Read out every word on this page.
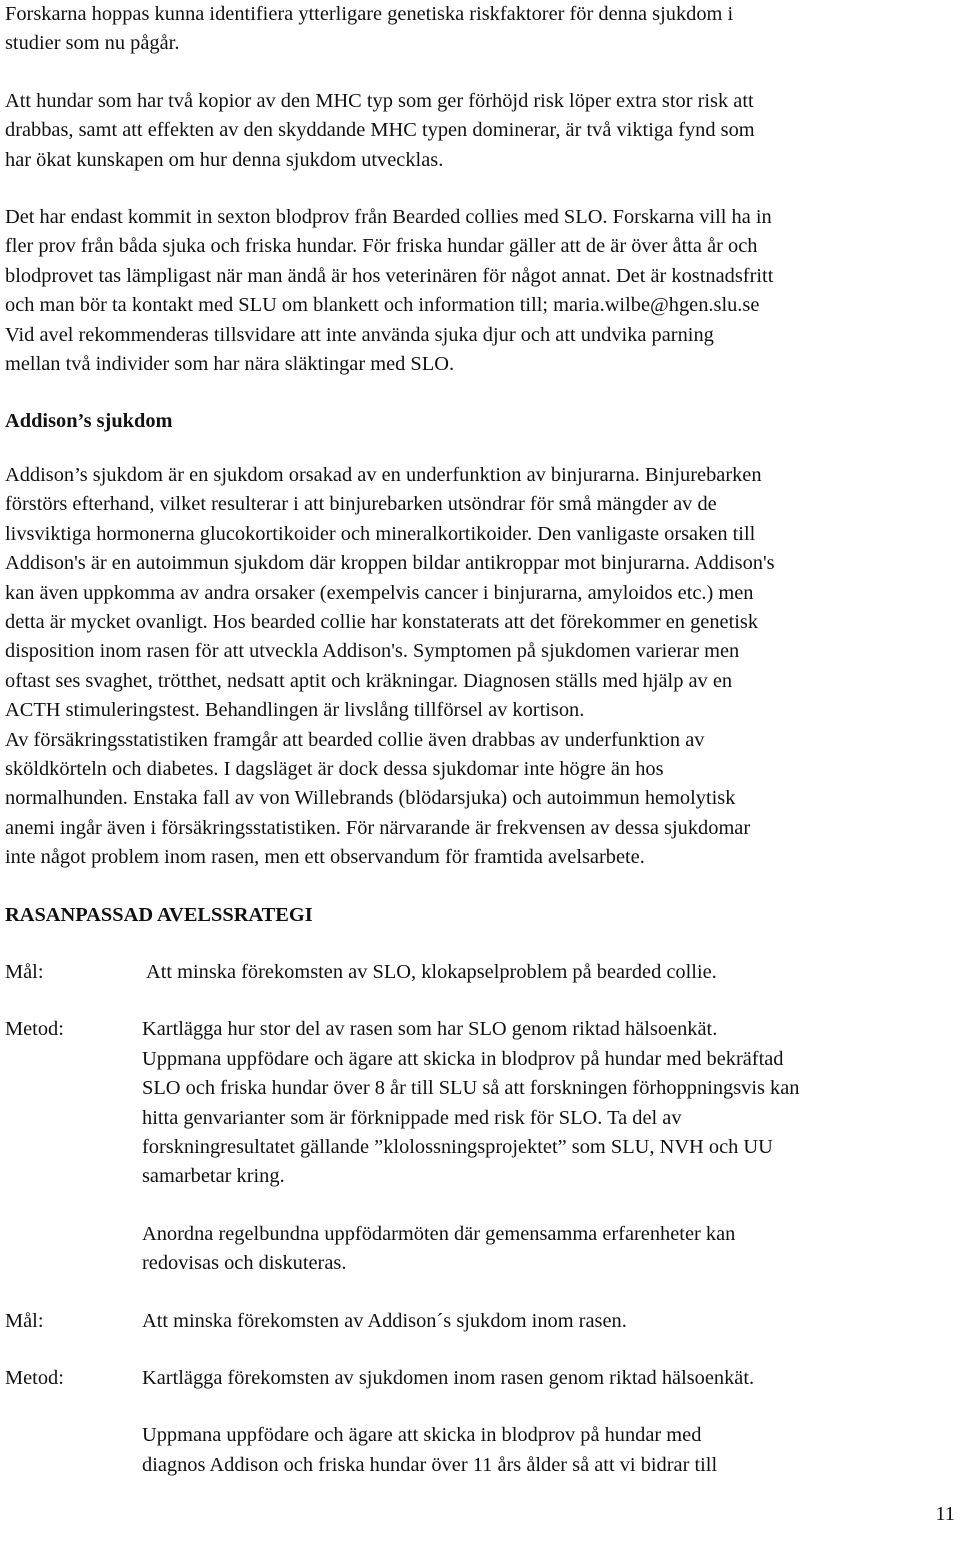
Forskarna hoppas kunna identifiera ytterligare genetiska riskfaktorer för denna sjukdom i

studier som nu pågår.

Att hundar som har två kopior av den MHC typ som ger förhöjd risk löper extra stor risk att

drabbas, samt att effekten av den skyddande MHC typen dominerar, är två viktiga fynd som

har ökat kunskapen om hur denna sjukdom utvecklas.

Det har endast kommit in sexton blodprov från Bearded collies med SLO. Forskarna vill ha in

fler prov från båda sjuka och friska hundar. För friska hundar gäller att de är över åtta år och

blodprovet tas lämpligast när man ändå är hos veterinären för något annat. Det är kostnadsfritt

och man bör ta kontakt med SLU om blankett och information till; maria.wilbe@hgen.slu.se

Vid avel rekommenderas tillsvidare att inte använda sjuka djur och att undvika parning

mellan två individer som har nära släktingar med SLO.

Addison’s sjukdom

Addison’s sjukdom är en sjukdom orsakad av en underfunktion av binjurarna. Binjurebarken

förstörs efterhand, vilket resulterar i att binjurebarken utsöndrar för små mängder av de

livsviktiga hormonerna glucokortikoider och mineralkortikoider. Den vanligaste orsaken till

Addison's är en autoimmun sjukdom där kroppen bildar antikroppar mot binjurarna. Addison's

kan även uppkomma av andra orsaker (exempelvis cancer i binjurarna, amyloidos etc.) men

detta är mycket ovanligt. Hos bearded collie har konstaterats att det förekommer en genetisk

disposition inom rasen för att utveckla Addison's. Symptomen på sjukdomen varierar men

oftast ses svaghet, trötthet, nedsatt aptit och kräkningar. Diagnosen ställs med hjälp av en

ACTH stimuleringstest. Behandlingen är livslång tillförsel av kortison.

Av försäkringsstatistiken framgår att bearded collie även drabbas av underfunktion av

sköldkörteln och diabetes. I dagsläget är dock dessa sjukdomar inte högre än hos

normalhunden. Enstaka fall av von Willebrands (blödarsjuka) och autoimmun hemolytisk

anemi ingår även i försäkringsstatistiken. För närvarande är frekvensen av dessa sjukdomar

inte något problem inom rasen, men ett observandum för framtida avelsarbete.

RASANPASSAD AVELSSRATEGI

Mål:	Att minska förekomsten av SLO, klokapselproblem på bearded collie.

Metod:	Kartlägga hur stor del av rasen som har SLO genom riktad hälsoenkät.

Uppmana uppfödare och ägare att skicka in blodprov på hundar med bekräftad

SLO och friska hundar över 8 år till SLU så att forskningen förhoppningsvis kan

hitta genvarianter som är förknippade med risk för SLO. Ta del av

forskningresultatet gällande ”klolossningsprojektet” som SLU, NVH och UU

samarbetar kring.

Anordna regelbundna uppfödarmöten där gemensamma erfarenheter kan

redovisas och diskuteras.

Mål:	Att minska förekomsten av Addison´s sjukdom inom rasen.

Metod:	Kartlägga förekomsten av sjukdomen inom rasen genom riktad hälsoenkät.

Uppmana uppfödare och ägare att skicka in blodprov på hundar med

diagnos Addison och friska hundar över 11 års ålder så att vi bidrar till

11
